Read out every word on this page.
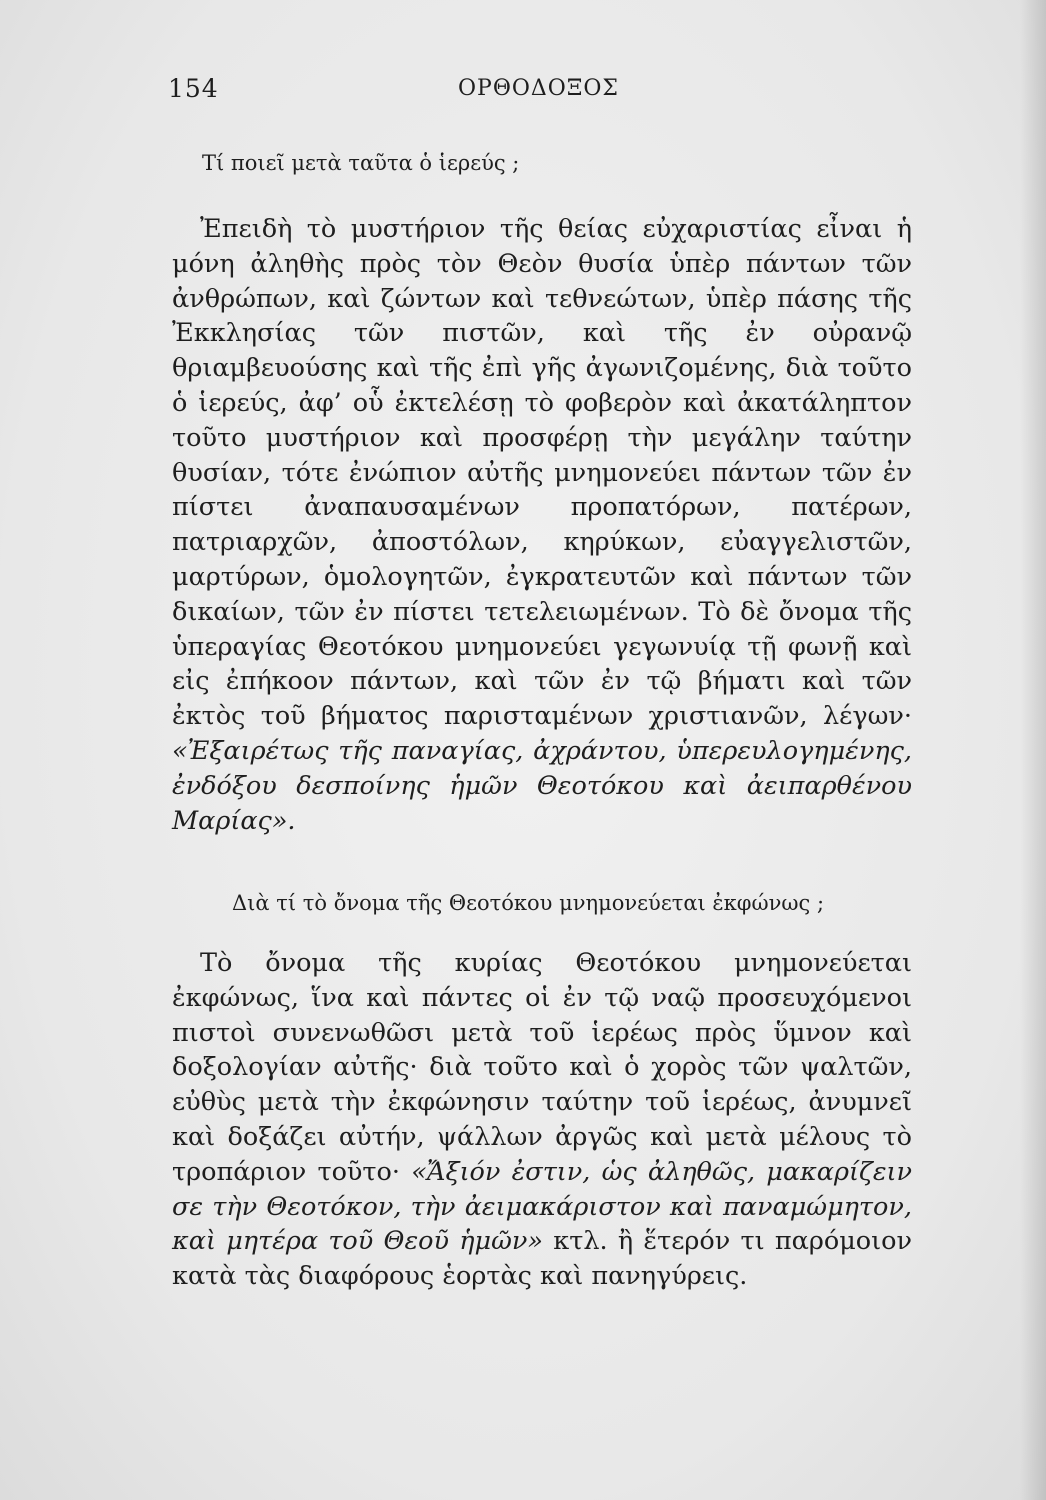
154	ΟΡΘΟΔΟΞΟΣ
Τί ποιεῖ μετὰ ταῦτα ὁ ἱερεύς ;

Ἐπειδὴ τὸ μυστήριον τῆς θείας εὐχαριστίας εἶναι ἡ μόνη ἀληθὴς πρὸς τὸν Θεὸν θυσία ὑπὲρ πάντων τῶν ἀνθρώπων, καὶ ζώντων καὶ τεθνεώτων, ὑπὲρ πάσης τῆς Ἐκκλησίας τῶν πιστῶν, καὶ τῆς ἐν οὐρανῷ θριαμβευούσης καὶ τῆς ἐπὶ γῆς ἀγωνιζομένης, διὰ τοῦτο ὁ ἱερεύς, ἀφ’ οὗ ἐκτελέσῃ τὸ φοβερὸν καὶ ἀκατάληπτον τοῦτο μυστήριον καὶ προσφέρῃ τὴν μεγάλην ταύτην θυσίαν, τότε ἐνώπιον αὐτῆς μνημονεύει πάντων τῶν ἐν πίστει ἀναπαυσαμένων προπατόρων, πατέρων, πατριαρχῶν, ἀποστόλων, κηρύκων, εὐαγγελιστῶν, μαρτύρων, ὁμολογητῶν, ἐγκρατευτῶν καὶ πάντων τῶν δικαίων, τῶν ἐν πίστει τετελειωμένων. Τὸ δὲ ὄνομα τῆς ὑπεραγίας Θεοτόκου μνημονεύει γεγωνυίᾳ τῇ φωνῇ καὶ εἰς ἐπήκοον πάντων, καὶ τῶν ἐν τῷ βήματι καὶ τῶν ἐκτὸς τοῦ βήματος παρισταμένων χριστιανῶν, λέγων· «Ἐξαιρέτως τῆς παναγίας, ἀχράντου, ὑπερευλογημένης, ἐνδόξου δεσποίνης ἡμῶν Θεοτόκου καὶ ἀειπαρθένου Μαρίας».

Διὰ τί τὸ ὄνομα τῆς Θεοτόκου μνημονεύεται ἐκφώνως ;

Τὸ ὄνομα τῆς κυρίας Θεοτόκου μνημονεύεται ἐκφώνως, ἵνα καὶ πάντες οἱ ἐν τῷ ναῷ προσευχόμενοι πιστοὶ συνενωθῶσι μετὰ τοῦ ἱερέως πρὸς ὕμνον καὶ δοξολογίαν αὐτῆς· διὰ τοῦτο καὶ ὁ χορὸς τῶν ψαλτῶν, εὐθὺς μετὰ τὴν ἐκφώνησιν ταύτην τοῦ ἱερέως, ἀνυμνεῖ καὶ δοξάζει αὐτήν, ψάλλων ἀργῶς καὶ μετὰ μέλους τὸ τροπάριον τοῦτο· «Ἄξιόν ἐστιν, ὡς ἀληθῶς, μακαρίζειν σε τὴν Θεοτόκον, τὴν ἀειμακάριστον καὶ παναμώμητον, καὶ μητέρα τοῦ Θεοῦ ἡμῶν» κτλ. ἢ ἕτερόν τι παρόμοιον κατὰ τὰς διαφόρους ἑορτὰς καὶ πανηγύρεις.
